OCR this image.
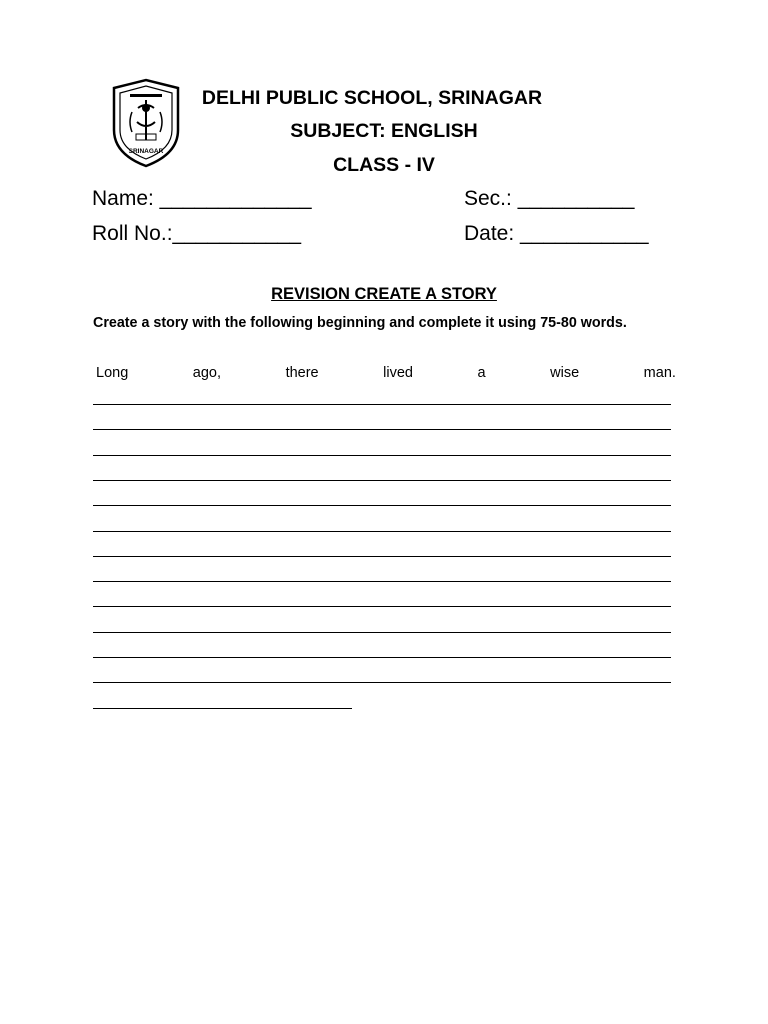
SRINAGAR
DELHI PUBLIC SCHOOL, SRINAGAR
SUBJECT: ENGLISH
CLASS - IV
Name: _____________	Sec.: __________
Roll No.:___________	Date: ___________
REVISION CREATE A STORY
Create a story with the following beginning and complete it using 75-80 words.
Long	ago,	there	lived	a	wise	man.
